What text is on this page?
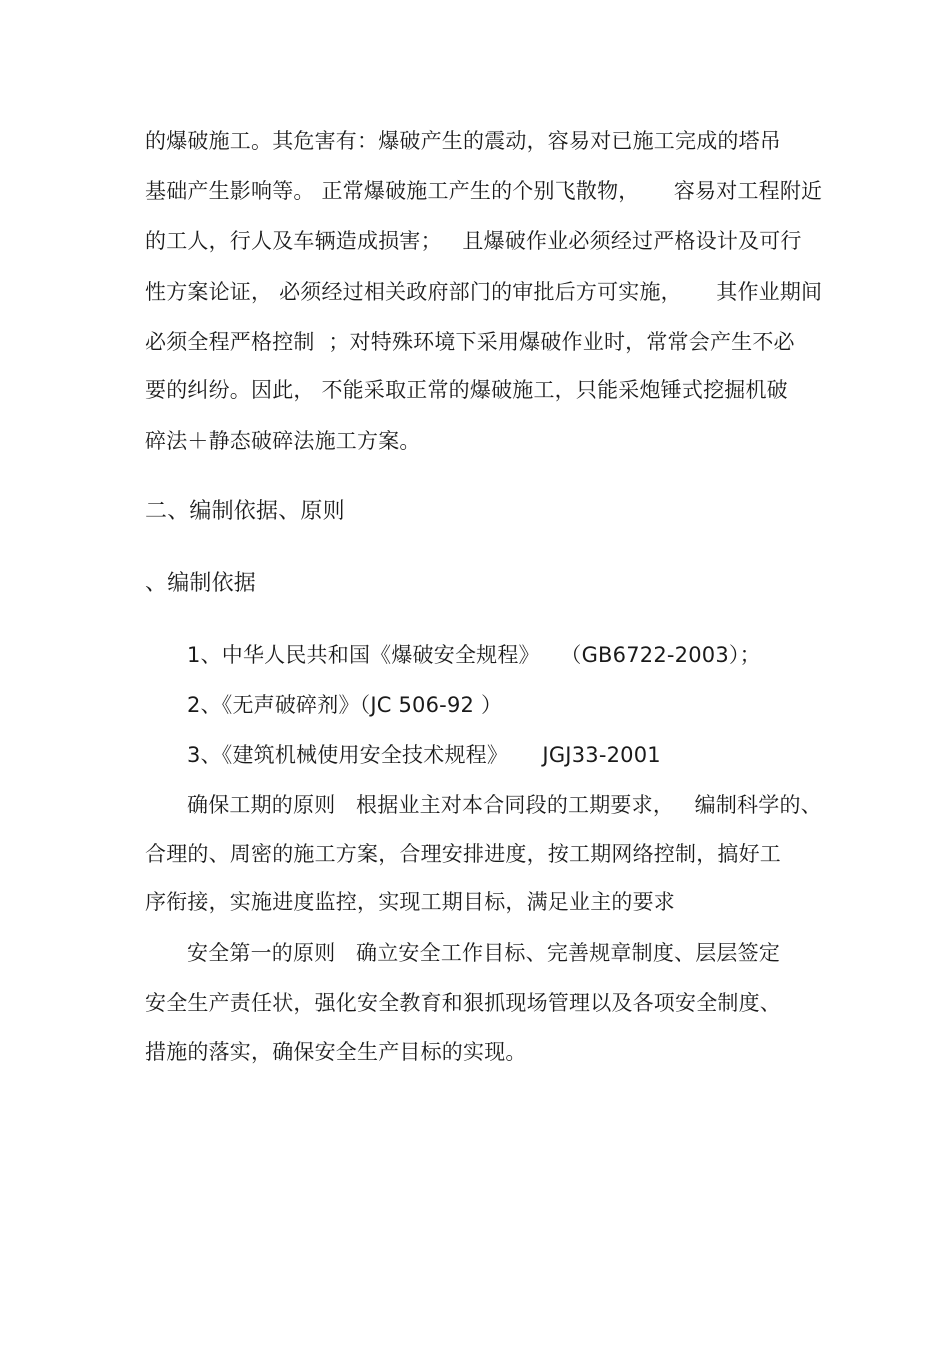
的爆破施工。其危害有：爆破产生的震动，容易对已施工完成的塔吊
基础产生影响等。 正常爆破施工产生的个别飞散物，     容易对工程附近
的工人，行人及车辆造成损害；   且爆破作业必须经过严格设计及可行
性方案论证， 必须经过相关政府部门的审批后方可实施，     其作业期间
必须全程严格控制  ；对特殊环境下采用爆破作业时，常常会产生不必
要的纠纷。因此， 不能采取正常的爆破施工，只能采炮锤式挖掘机破
碎法＋静态破碎法施工方案。
二、编制依据、原则
、编制依据
1、中华人民共和国《爆破安全规程》   （GB6722-2003）；
2、《无声破碎剂》（JC 506-92 ）
3、《建筑机械使用安全技术规程》     JGJ33-2001
确保工期的原则   根据业主对本合同段的工期要求，   编制科学的、
合理的、周密的施工方案，合理安排进度，按工期网络控制，搞好工
序衔接，实施进度监控，实现工期目标，满足业主的要求
安全第一的原则   确立安全工作目标、完善规章制度、层层签定
安全生产责任状，强化安全教育和狠抓现场管理以及各项安全制度、
措施的落实，确保安全生产目标的实现。
